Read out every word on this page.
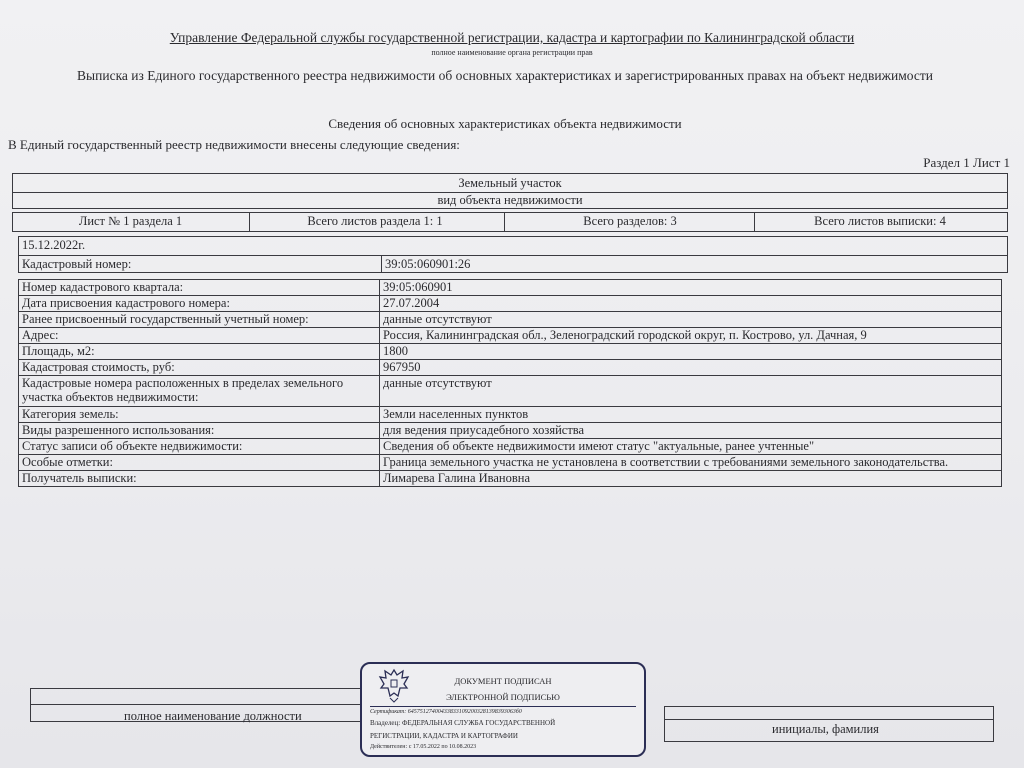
Управление Федеральной службы государственной регистрации, кадастра и картографии по Калининградской области
полное наименование органа регистрации прав
Выписка из Единого государственного реестра недвижимости об основных характеристиках и зарегистрированных правах на объект недвижимости
Сведения об основных характеристиках объекта недвижимости
В Единый государственный реестр недвижимости внесены следующие сведения:
Раздел 1 Лист 1
Земельный участок
вид объекта недвижимости
Лист № 1 раздела 1	Всего листов раздела 1: 1	Всего разделов: 3	Всего листов выписки: 4
15.12.2022г.
Кадастровый номер:	39:05:060901:26
Номер кадастрового квартала:	39:05:060901
Дата присвоения кадастрового номера:	27.07.2004
Ранее присвоенный государственный учетный номер:	данные отсутствуют
Адрес:	Россия, Калининградская обл., Зеленоградский городской округ, п. Кострово, ул. Дачная, 9
Площадь, м2:	1800
Кадастровая стоимость, руб:	967950
Кадастровые номера расположенных в пределах земельного участка объектов недвижимости:	данные отсутствуют
Категория земель:	Земли населенных пунктов
Виды разрешенного использования:	для ведения приусадебного хозяйства
Статус записи об объекте недвижимости:	Сведения об объекте недвижимости имеют статус "актуальные, ранее учтенные"
Особые отметки:	Граница земельного участка не установлена в соответствии с требованиями земельного законодательства.
Получатель выписки:	Лимарева Галина Ивановна
полное наименование должности
инициалы, фамилия
ДОКУМЕНТ ПОДПИСАН
ЭЛЕКТРОННОЙ ПОДПИСЬЮ
Сертификат: 645751274004338331092003281398393063б0
Владелец: ФЕДЕРАЛЬНАЯ СЛУЖБА ГОСУДАРСТВЕННОЙ
РЕГИСТРАЦИИ, КАДАСТРА И КАРТОГРАФИИ
Действителен: с 17.05.2022 по 10.08.2023
